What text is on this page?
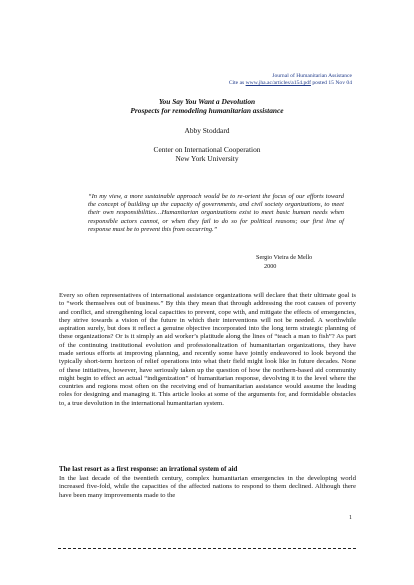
Journal of Humanitarian Assistance
Cite as www.jha.ac/articles/a154.pdf posted 15 Nov 04
You Say You Want a Devolution
Prospects for remodeling humanitarian assistance
Abby Stoddard
Center on International Cooperation
New York University
“In my view, a more sustainable approach would be to re-orient the focus of our efforts toward the concept of building up the capacity of governments, and civil society organizations, to meet their own responsibilities…Humanitarian organizations exist to meet basic human needs when responsible actors cannot, or when they fail to do so for political reasons; our first line of response must be to prevent this from occurring.”
Sergio Vieira de Mello
2000
Every so often representatives of international assistance organizations will declare that their ultimate goal is to “work themselves out of business.” By this they mean that through addressing the root causes of poverty and conflict, and strengthening local capacities to prevent, cope with, and mitigate the effects of emergencies, they strive towards a vision of the future in which their interventions will not be needed. A worthwhile aspiration surely, but does it reflect a genuine objective incorporated into the long term strategic planning of these organizations? Or is it simply an aid worker’s platitude along the lines of “teach a man to fish”? As part of the continuing institutional evolution and professionalization of humanitarian organizations, they have made serious efforts at improving planning, and recently some have jointly endeavored to look beyond the typically short-term horizon of relief operations into what their field might look like in future decades. None of these initiatives, however, have seriously taken up the question of how the northern-based aid community might begin to effect an actual “indigenization” of humanitarian response, devolving it to the level where the countries and regions most often on the receiving end of humanitarian assistance would assume the leading roles for designing and managing it. This article looks at some of the arguments for, and formidable obstacles to, a true devolution in the international humanitarian system.
The last resort as a first response: an irrational system of aid
In the last decade of the twentieth century, complex humanitarian emergencies in the developing world increased five-fold, while the capacities of the affected nations to respond to them declined. Although there have been many improvements made to the
1
